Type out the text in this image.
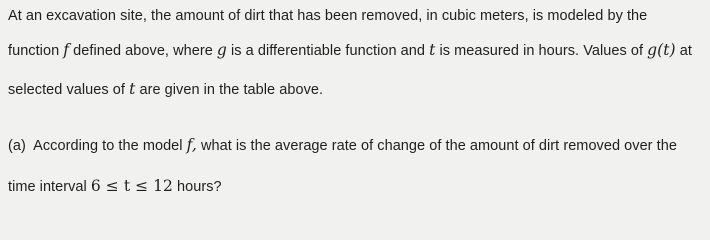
At an excavation site, the amount of dirt that has been removed, in cubic meters, is modeled by the
function f defined above, where g is a differentiable function and t is measured in hours. Values of g(t) at
selected values of t are given in the table above.
(a) According to the model f, what is the average rate of change of the amount of dirt removed over the
time interval 6 ≤ t ≤ 12 hours?
